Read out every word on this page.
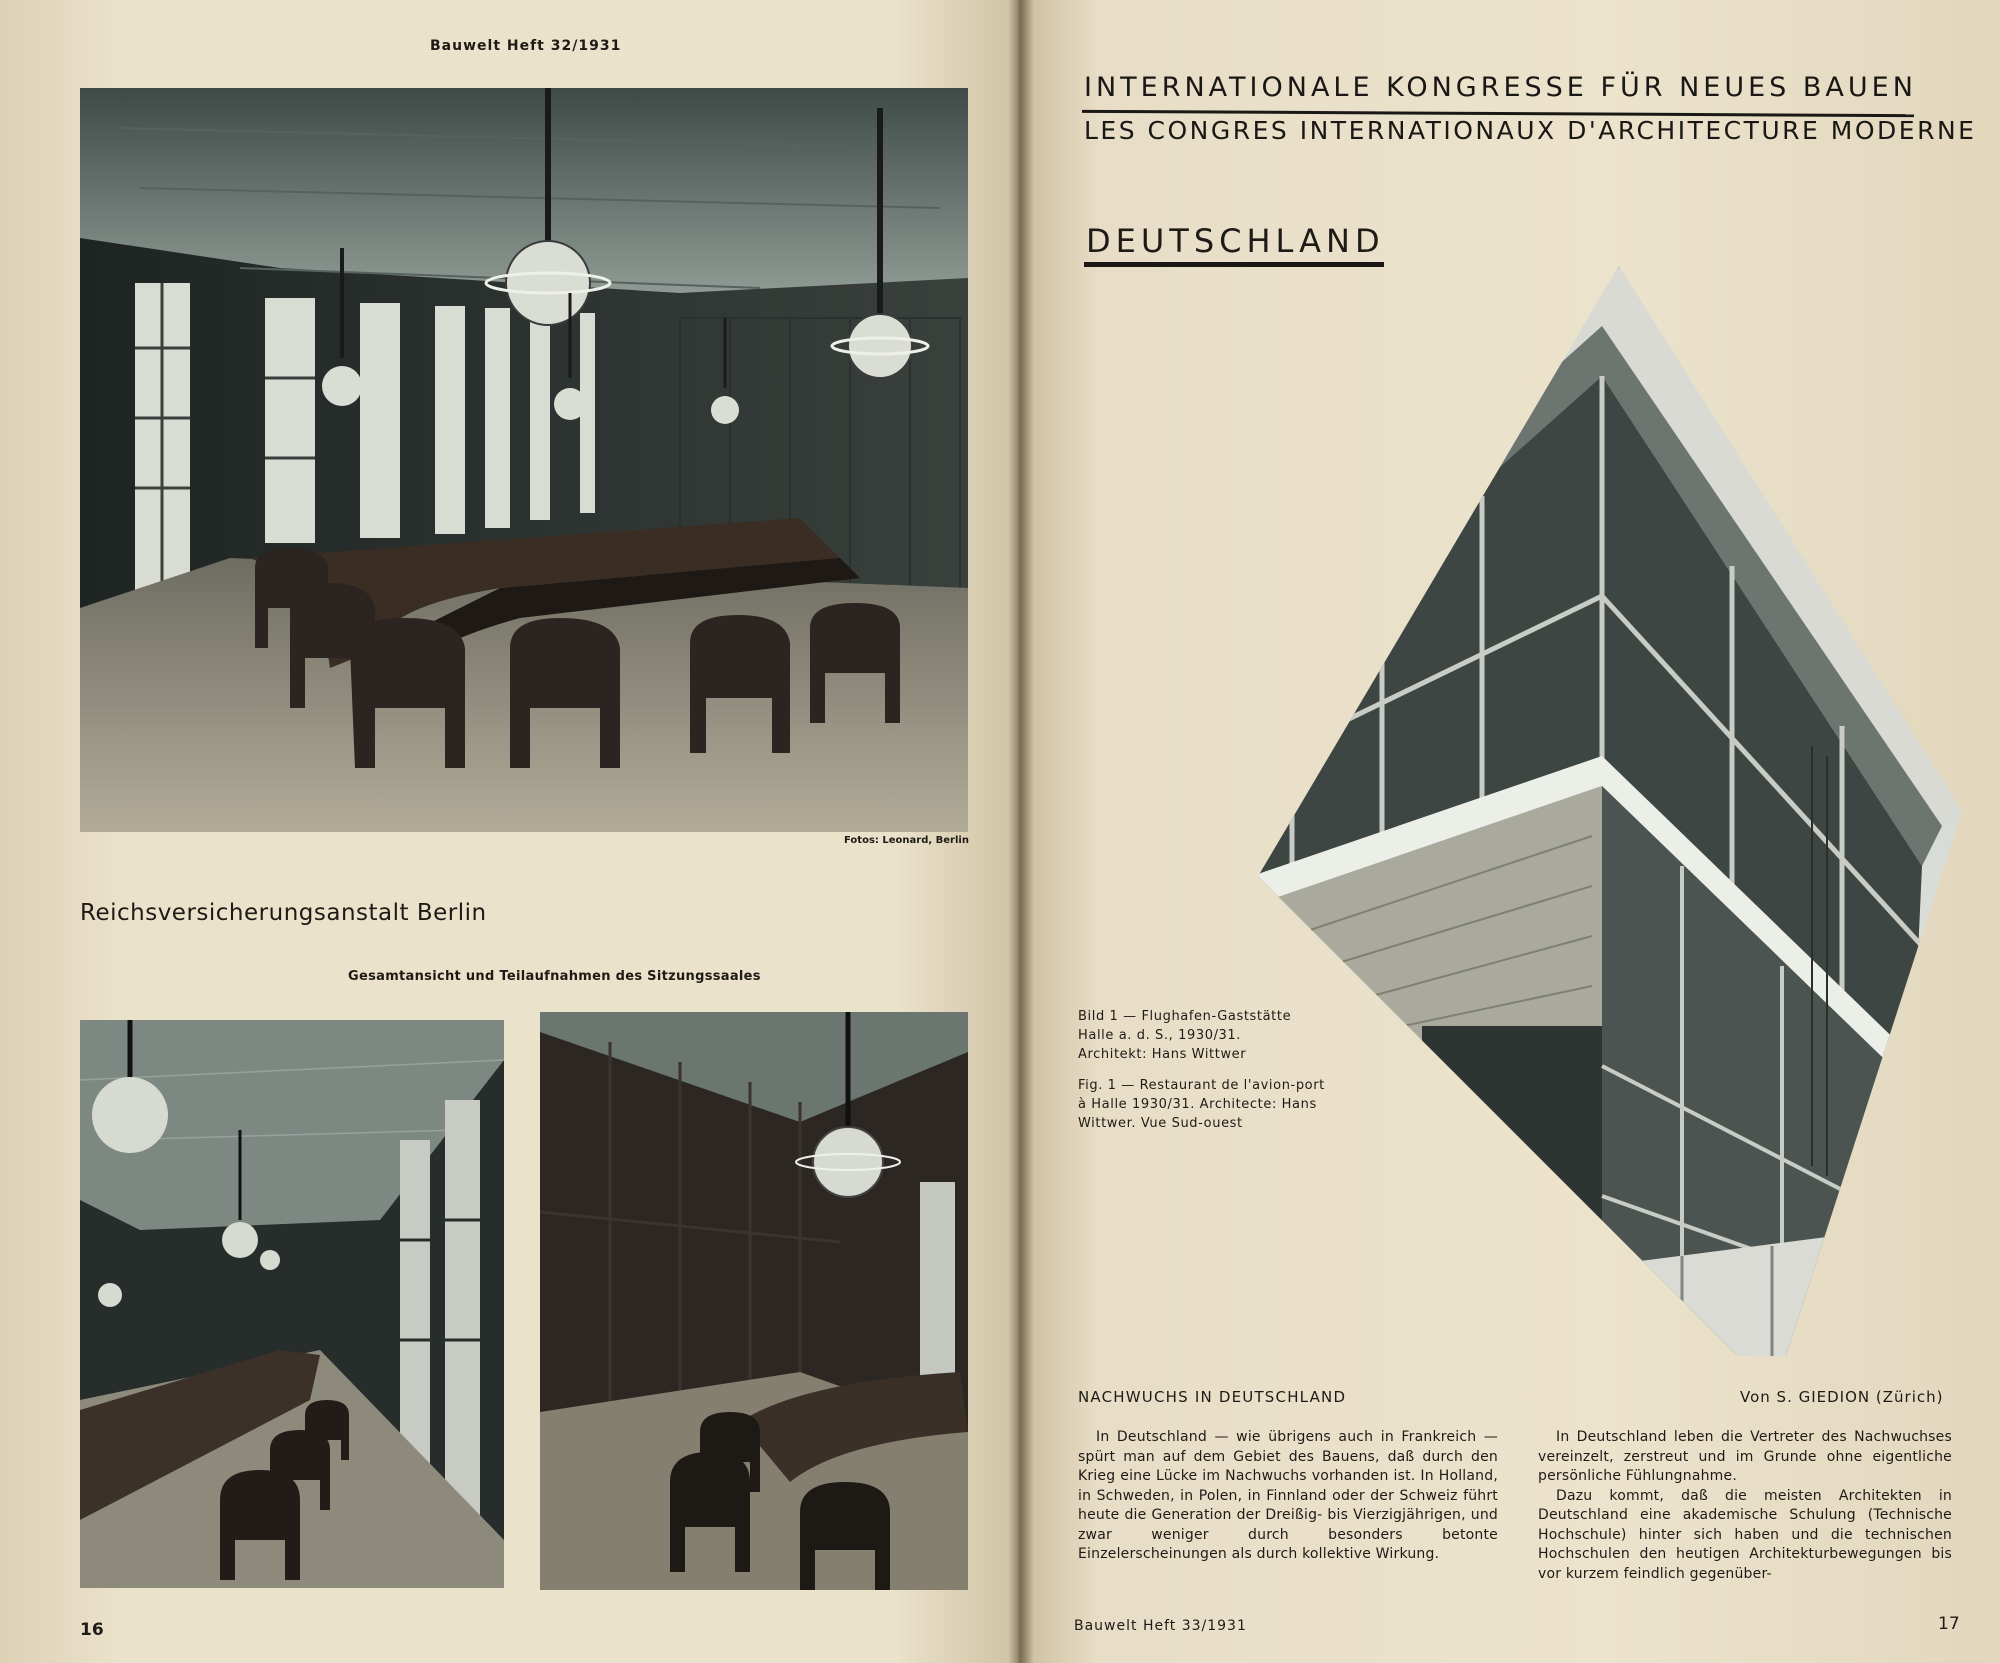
Bauwelt Heft 32/1931
Fotos: Leonard, Berlin
Reichsversicherungsanstalt Berlin
Gesamtansicht und Teilaufnahmen des Sitzungssaales
16
INTERNATIONALE KONGRESSE FÜR NEUES BAUEN
LES CONGRES INTERNATIONAUX D'ARCHITECTURE MODERNE
DEUTSCHLAND

Bild 1 — Flughafen-Gaststätte

Halle a. d. S., 1930/31.

Architekt: Hans Wittwer

Fig. 1 — Restaurant de l'avion-port

à Halle 1930/31. Architecte: Hans

Wittwer. Vue Sud-ouest

NACHWUCHS IN DEUTSCHLAND	Von S. GIEDION (Zürich)

In Deutschland — wie übrigens auch in Frankreich — spürt man auf dem Gebiet des Bauens, daß durch den Krieg eine Lücke im Nachwuchs vorhanden ist. In Holland, in Schweden, in Polen, in Finnland oder der Schweiz führt heute die Generation der Dreißig- bis Vierzigjährigen, und zwar weniger durch besonders betonte Einzelerscheinungen als durch kollektive Wirkung.

In Deutschland leben die Vertreter des Nachwuchses vereinzelt, zerstreut und im Grunde ohne eigentliche persönliche Fühlungnahme.

Dazu kommt, daß die meisten Architekten in Deutschland eine akademische Schulung (Technische Hochschule) hinter sich haben und die technischen Hochschulen den heutigen Architekturbewegungen bis vor kurzem feindlich gegenüber-

Bauwelt Heft 33/1931	17
